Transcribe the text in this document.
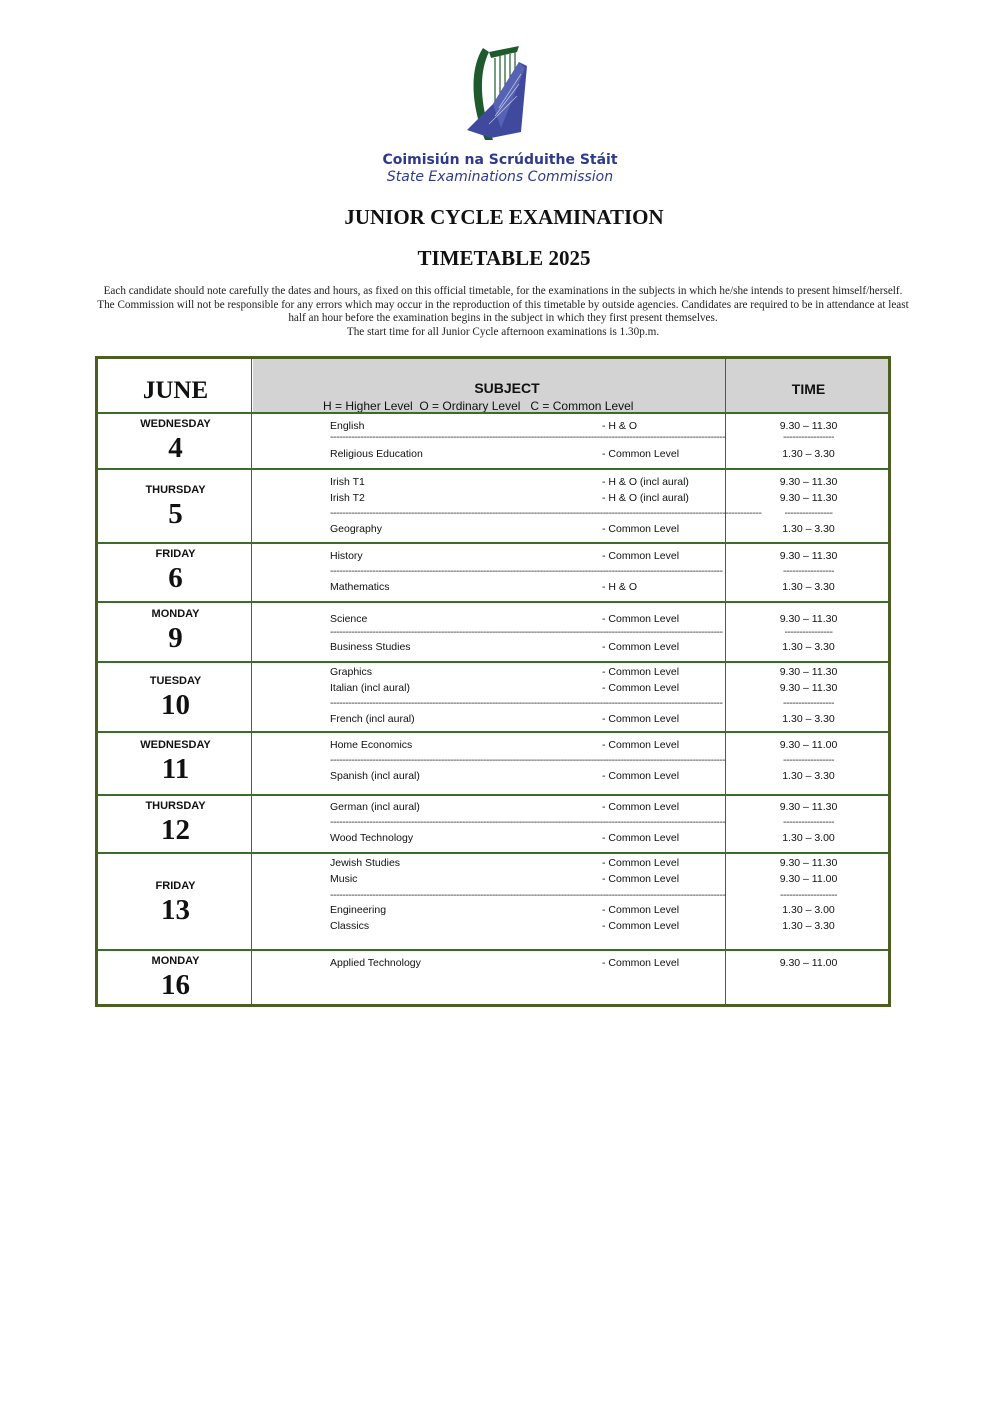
Coimisiún na Scrúduithe Stáit
State Examinations Commission
JUNIOR CYCLE EXAMINATION
TIMETABLE 2025

Each candidate should note carefully the dates and hours, as fixed on this official timetable, for the examinations in the subjects in which he/she intends to present himself/herself.

The Commission will not be responsible for any errors which may occur in the reproduction of this timetable by outside agencies. Candidates are required to be in attendance at least

half an hour before the examination begins in the subject in which they first present themselves.

The start time for all Junior Cycle afternoon examinations is 1.30p.m.

JUNE	SUBJECT
H = Higher Level  O = Ordinary Level   C = Common Level
TIME
WEDNESDAY
4
English	- H & O	9.30 – 11.30
------------------------------------------------------------------------------------------------------------------------------------	-----------------
Religious Education	- Common Level	1.30 – 3.30
THURSDAY
5
Irish T1	- H & O (incl aural)	9.30 – 11.30
Irish T2	- H & O (incl aural)	9.30 – 11.30
------------------------------------------------------------------------------------------------------------------------------------------------	----------------
Geography	- Common Level	1.30 – 3.30
FRIDAY
6
History	- Common Level	9.30 – 11.30
-----------------------------------------------------------------------------------------------------------------------------------	-----------------
Mathematics	- H & O	1.30 – 3.30
MONDAY
9
Science	- Common Level	9.30 – 11.30
-----------------------------------------------------------------------------------------------------------------------------------	----------------
Business Studies	- Common Level	1.30 – 3.30
TUESDAY
10
Graphics	- Common Level	9.30 – 11.30
Italian (incl aural)	- Common Level	9.30 – 11.30
-----------------------------------------------------------------------------------------------------------------------------------	-----------------
French (incl aural)	- Common Level	1.30 – 3.30
WEDNESDAY
11
Home Economics	- Common Level	9.30 – 11.00
------------------------------------------------------------------------------------------------------------------------------------	-----------------
Spanish (incl aural)	- Common Level	1.30 – 3.30
THURSDAY
12
German (incl aural)	- Common Level	9.30 – 11.30
------------------------------------------------------------------------------------------------------------------------------------	-----------------
Wood Technology	- Common Level	1.30 – 3.00
FRIDAY
13
Jewish Studies	- Common Level	9.30 – 11.30
Music	- Common Level	9.30 – 11.00
------------------------------------------------------------------------------------------------------------------------------------	-------------------
Engineering	- Common Level	1.30 – 3.00
Classics	- Common Level	1.30 – 3.30
MONDAY
16
Applied Technology	- Common Level	9.30 – 11.00
